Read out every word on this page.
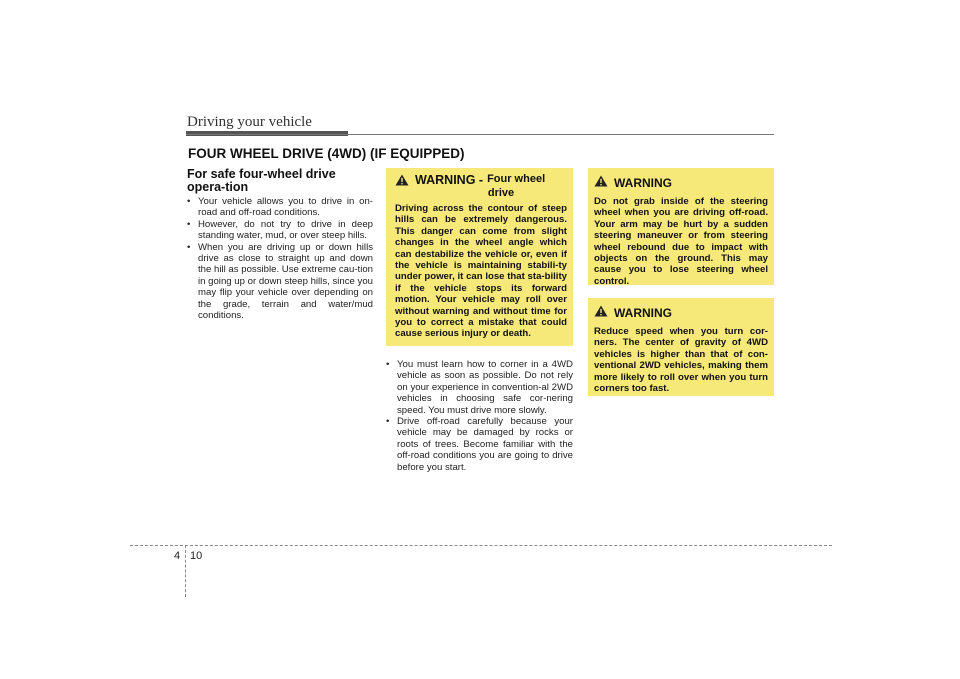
Driving your vehicle
FOUR WHEEL DRIVE (4WD) (IF EQUIPPED)
For safe four-wheel drive opera-tion
• Your vehicle allows you to drive in on-road and off-road conditions.
• However, do not try to drive in deep standing water, mud, or over steep hills.
• When you are driving up or down hills drive as close to straight up and down the hill as possible. Use extreme cau-tion in going up or down steep hills, since you may flip your vehicle over depending on the grade, terrain and water/mud conditions.
WARNING - Four wheel
drive

Driving across the contour of steep hills can be extremely dangerous. This danger can come from slight changes in the wheel angle which can destabilize the vehicle or, even if the vehicle is maintaining stabili-ty under power, it can lose that sta-bility if the vehicle stops its forward motion. Your vehicle may roll over without warning and without time for you to correct a mistake that could cause serious injury or death.

• You must learn how to corner in a 4WD vehicle as soon as possible. Do not rely on your experience in convention-al 2WD vehicles in choosing safe cor-nering speed. You must drive more slowly.
• Drive off-road carefully because your vehicle may be damaged by rocks or roots of trees. Become familiar with the off-road conditions you are going to drive before you start.
WARNING

Do not grab inside of the steering wheel when you are driving off-road. Your arm may be hurt by a sudden steering maneuver or from steering wheel rebound due to impact with objects on the ground. This may cause you to lose steering wheel control.

WARNING

Reduce speed when you turn cor-ners. The center of gravity of 4WD vehicles is higher than that of con-ventional 2WD vehicles, making them more likely to roll over when you turn corners too fast.

4 10
